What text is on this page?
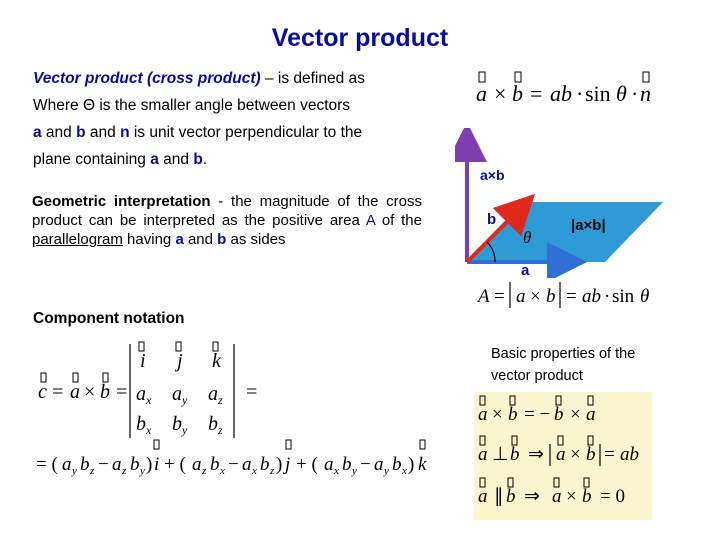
Vector product
Vector product (cross product) – is defined as
Where Θ is the smaller angle between vectors
a and b and n is unit vector perpendicular to the
plane containing a and b.
Geometric interpretation - the magnitude of the cross product can be interpreted as the positive area A of the parallelogram having a and b as sides
Component notation
Basic properties of the vector product
a × b = ab · sin θ · n
a×b
b
θ
|a×b|
a
A = a × b = ab · sin θ
c = a × b =
i j k
a a a
b b b
=
x	y	z
x	y	z
= ( a b − a b ) i + ( a b − a b ) j + ( a b − a b ) k
y z	z y	z x x z	x y y x
a × b = − b × a
a ⊥ b ⇒ a × b = ab
a ∥ b ⇒ a × b = 0
